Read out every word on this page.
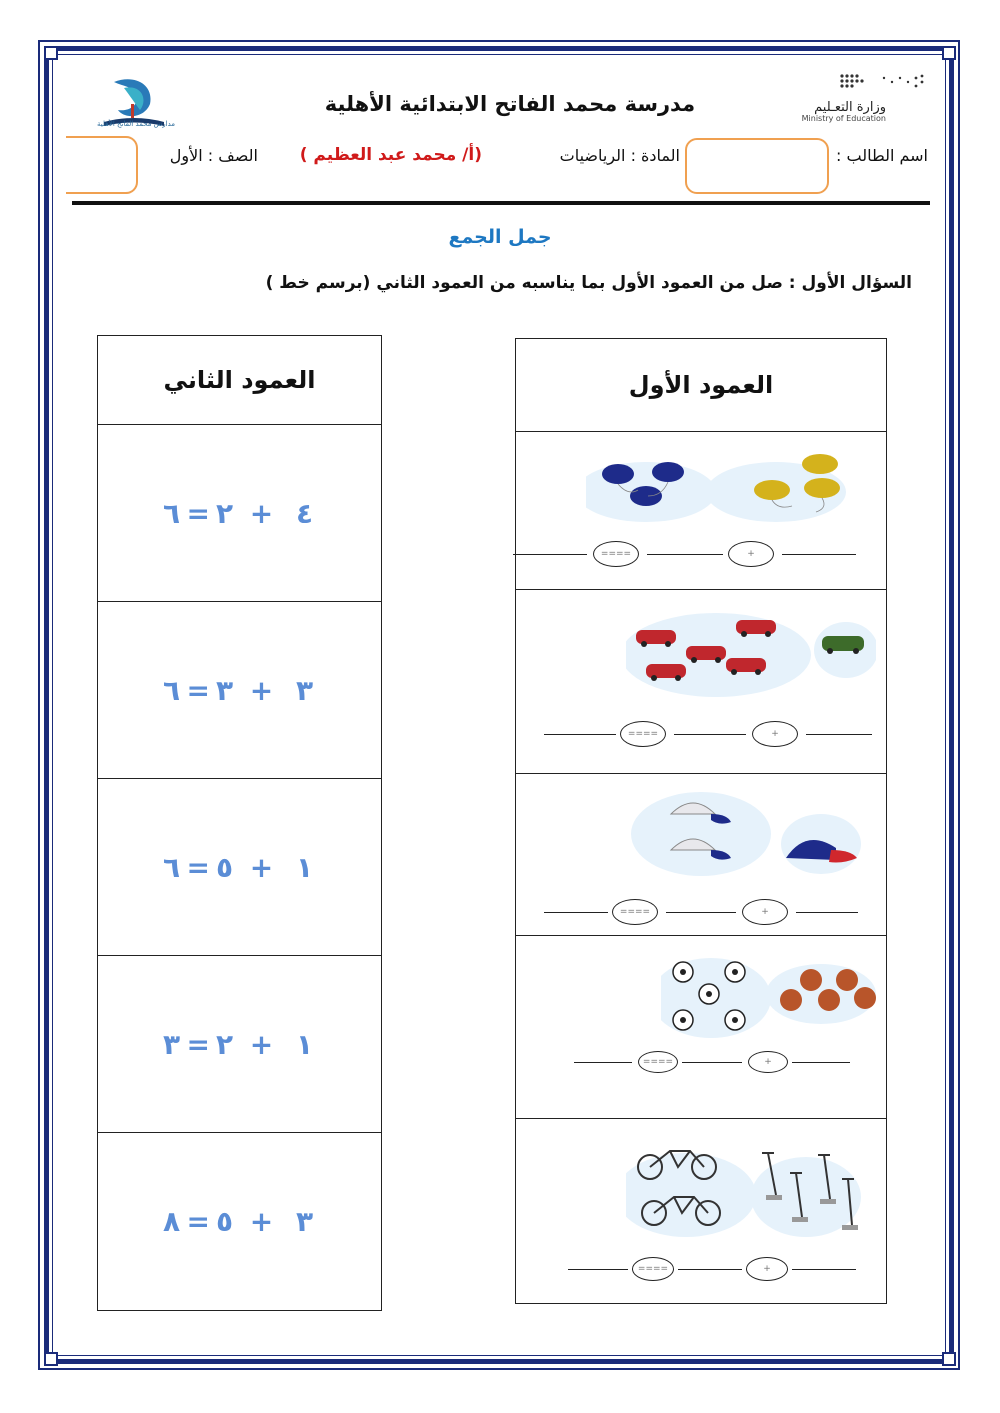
مدارس محمد الفاتح الأهلية
مدرسة محمد الفاتح الابتدائية الأهلية	وزارة التعـليم
Ministry of Education
اسم الطالب :
المادة : الرياضيات
(أ/ محمد عبد العظيم )
الصف : الأول
جمل الجمع
السؤال الأول : صل من العمود الأول بما يناسبه من العمود الثاني (برسم خط )
العمود الثاني
٦ = ٢ + ٤
٦ = ٣ + ٣
٦ = ٥ + ١
٣ = ٢ + ١
٨ = ٥ + ٣
العمود الأول
====	+
====	+
====	+
====	+
====	+
